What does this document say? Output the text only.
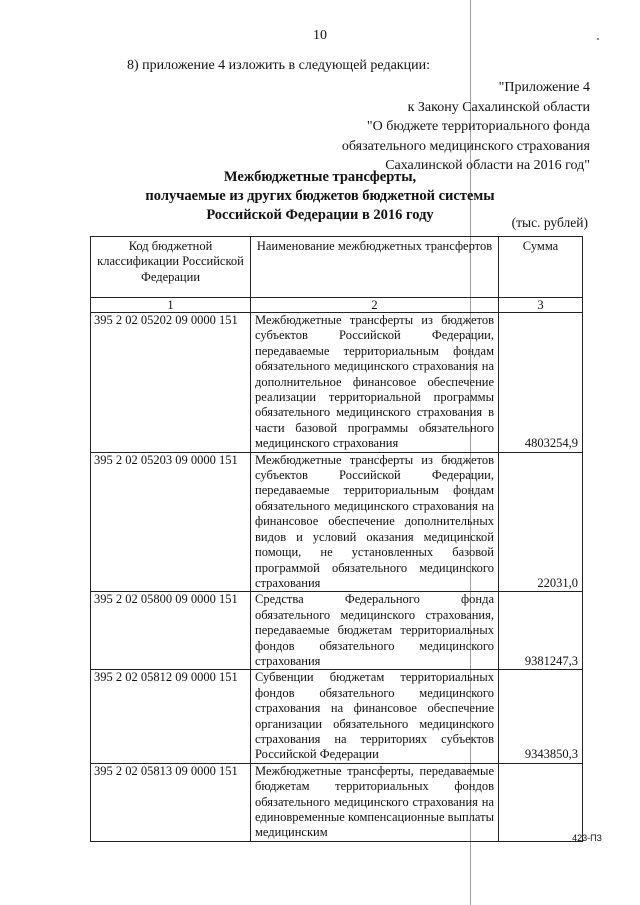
10
8) приложение 4 изложить в следующей редакции:
"Приложение 4
к Закону Сахалинской области
"О бюджете территориального фонда
обязательного медицинского страхования
Сахалинской области на 2016 год"
Межбюджетные трансферты,
получаемые из других бюджетов бюджетной системы
Российской Федерации в 2016 году	(тыс. рублей)
Код бюджетной классификации Российской Федерации	Наименование межбюджетных трансфертов	Сумма
1	2	3
395 2 02 05202 09 0000 151	Межбюджетные трансферты из бюджетов субъектов Российской Федерации, передаваемые территориальным фондам обязательного медицинского страхования на дополнительное финансовое обеспечение реализации территориальной программы обязательного медицинского страхования в части базовой программы обязательного медицинского страхования	4803254,9
395 2 02 05203 09 0000 151	Межбюджетные трансферты из бюджетов субъектов Российской Федерации, передаваемые территориальным фондам обязательного медицинского страхования на финансовое обеспечение дополнительных видов и условий оказания медицинской помощи, не установленных базовой программой обязательного медицинского страхования	22031,0
395 2 02 05800 09 0000 151	Средства Федерального фонда обязательного медицинского страхования, передаваемые бюджетам территориальных фондов обязательного медицинского страхования	9381247,3
395 2 02 05812 09 0000 151	Субвенции бюджетам территориальных фондов обязательного медицинского страхования на финансовое обеспечение организации обязательного медицинского страхования на территориях субъектов Российской Федерации	9343850,3
395 2 02 05813 09 0000 151	Межбюджетные трансферты, передаваемые бюджетам территориальных фондов обязательного медицинского страхования на единовременные компенсационные выплаты медицинским		423-ПЗ
